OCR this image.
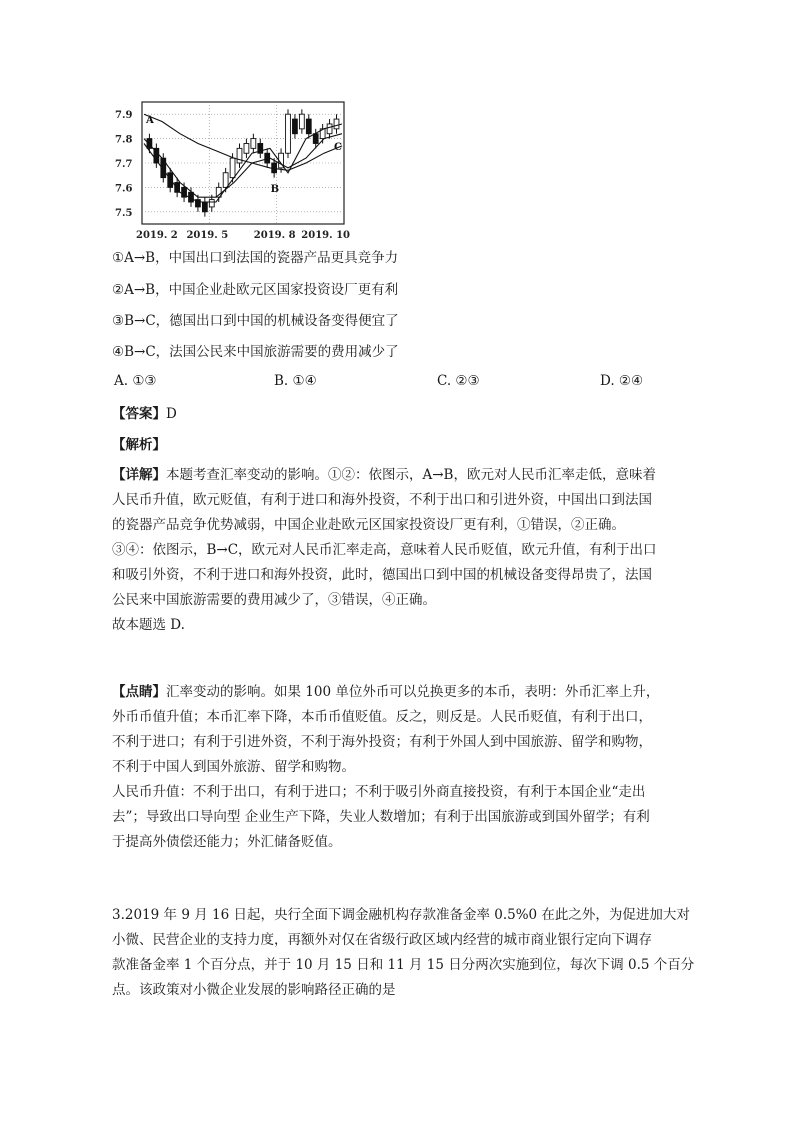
7.9
7.8
7.7
7.6
7.5
2019. 2 2019. 5	2019. 8 2019. 10
A
B
C
①A→B，中国出口到法国的瓷器产品更具竞争力
②A→B，中国企业赴欧元区国家投资设厂更有利
③B→C，德国出口到中国的机械设备变得便宜了
④B→C，法国公民来中国旅游需要的费用减少了
A. ①③	B. ①④	C. ②③	D. ②④
【答案】D
【解析】

【详解】本题考查汇率变动的影响。①②：依图示，A→B，欧元对人民币汇率走低，意味着

人民币升值，欧元贬值，有利于进口和海外投资，不利于出口和引进外资，中国出口到法国

的瓷器产品竞争优势减弱，中国企业赴欧元区国家投资设厂更有利，①错误，②正确。

③④：依图示，B→C，欧元对人民币汇率走高，意味着人民币贬值，欧元升值，有利于出口

和吸引外资，不利于进口和海外投资，此时，德国出口到中国的机械设备变得昂贵了，法国

公民来中国旅游需要的费用减少了，③错误，④正确。

故本题选 D.

【点睛】汇率变动的影响。如果 100 单位外币可以兑换更多的本币，表明：外币汇率上升，

外币币值升值；本币汇率下降，本币币值贬值。反之，则反是。人民币贬值，有利于出口，

不利于进口；有利于引进外资，不利于海外投资；有利于外国人到中国旅游、留学和购物，

不利于中国人到国外旅游、留学和购物。

人民币升值：不利于出口，有利于进口；不利于吸引外商直接投资，有利于本国企业“走出

去”；导致出口导向型 企业生产下降，失业人数增加；有利于出国旅游或到国外留学；有利

于提高外债偿还能力；外汇储备贬值。

3.2019 年 9 月 16 日起，央行全面下调金融机构存款准备金率 0.5%0 在此之外，为促进加大对

小微、民营企业的支持力度，再额外对仅在省级行政区域内经营的城市商业银行定向下调存

款准备金率 1 个百分点，并于 10 月 15 日和 11 月 15 日分两次实施到位，每次下调 0.5 个百分

点。该政策对小微企业发展的影响路径正确的是
